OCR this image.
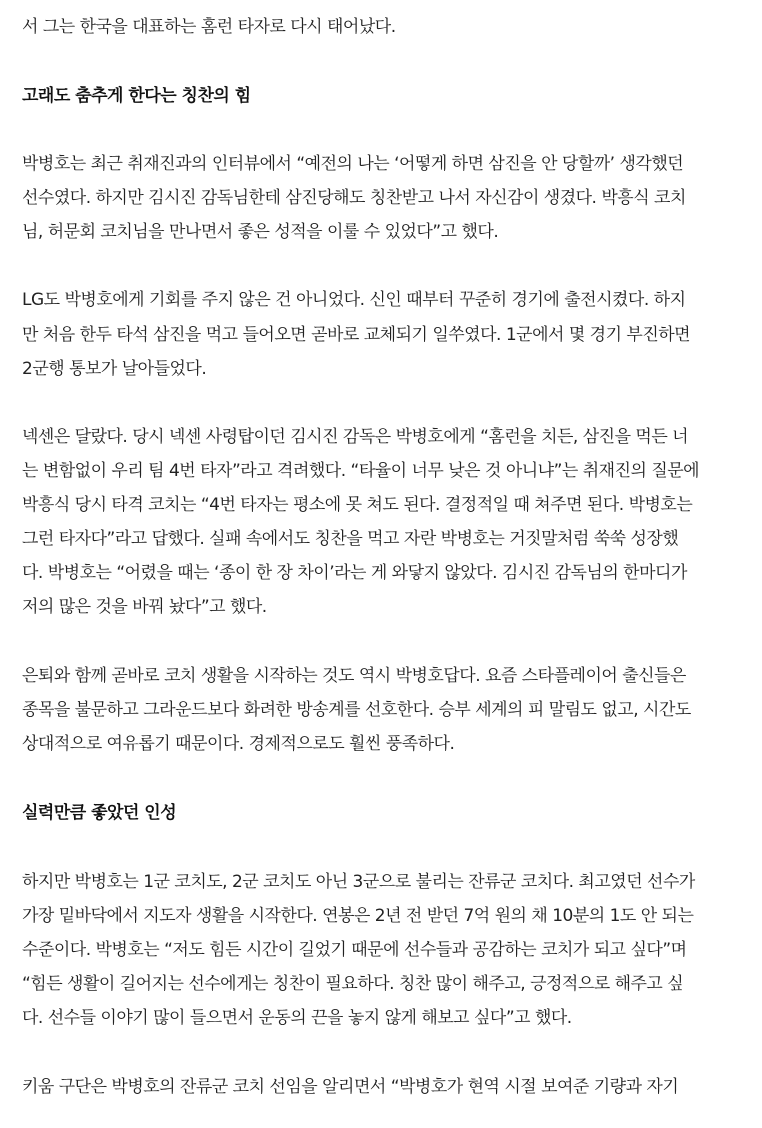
서 그는 한국을 대표하는 홈런 타자로 다시 태어났다.
고래도 춤추게 한다는 칭찬의 힘
박병호는 최근 취재진과의 인터뷰에서 “예전의 나는 ‘어떻게 하면 삼진을 안 당할까’ 생각했던
선수였다. 하지만 김시진 감독님한테 삼진당해도 칭찬받고 나서 자신감이 생겼다. 박흥식 코치
님, 허문회 코치님을 만나면서 좋은 성적을 이룰 수 있었다”고 했다.
LG도 박병호에게 기회를 주지 않은 건 아니었다. 신인 때부터 꾸준히 경기에 출전시켰다. 하지
만 처음 한두 타석 삼진을 먹고 들어오면 곧바로 교체되기 일쑤였다. 1군에서 몇 경기 부진하면
2군행 통보가 날아들었다.
넥센은 달랐다. 당시 넥센 사령탑이던 김시진 감독은 박병호에게 “홈런을 치든, 삼진을 먹든 너
는 변함없이 우리 팀 4번 타자”라고 격려했다. “타율이 너무 낮은 것 아니냐”는 취재진의 질문에
박흥식 당시 타격 코치는 “4번 타자는 평소에 못 쳐도 된다. 결정적일 때 쳐주면 된다. 박병호는
그런 타자다”라고 답했다. 실패 속에서도 칭찬을 먹고 자란 박병호는 거짓말처럼 쑥쑥 성장했
다. 박병호는 “어렸을 때는 ‘종이 한 장 차이’라는 게 와닿지 않았다. 김시진 감독님의 한마디가
저의 많은 것을 바꿔 놨다”고 했다.
은퇴와 함께 곧바로 코치 생활을 시작하는 것도 역시 박병호답다. 요즘 스타플레이어 출신들은
종목을 불문하고 그라운드보다 화려한 방송계를 선호한다. 승부 세계의 피 말림도 없고, 시간도
상대적으로 여유롭기 때문이다. 경제적으로도 훨씬 풍족하다.
실력만큼 좋았던 인성
하지만 박병호는 1군 코치도, 2군 코치도 아닌 3군으로 불리는 잔류군 코치다. 최고였던 선수가
가장 밑바닥에서 지도자 생활을 시작한다. 연봉은 2년 전 받던 7억 원의 채 10분의 1도 안 되는
수준이다. 박병호는 “저도 힘든 시간이 길었기 때문에 선수들과 공감하는 코치가 되고 싶다”며
“힘든 생활이 길어지는 선수에게는 칭찬이 필요하다. 칭찬 많이 해주고, 긍정적으로 해주고 싶
다. 선수들 이야기 많이 들으면서 운동의 끈을 놓지 않게 해보고 싶다”고 했다.
키움 구단은 박병호의 잔류군 코치 선임을 알리면서 “박병호가 현역 시절 보여준 기량과 자기
